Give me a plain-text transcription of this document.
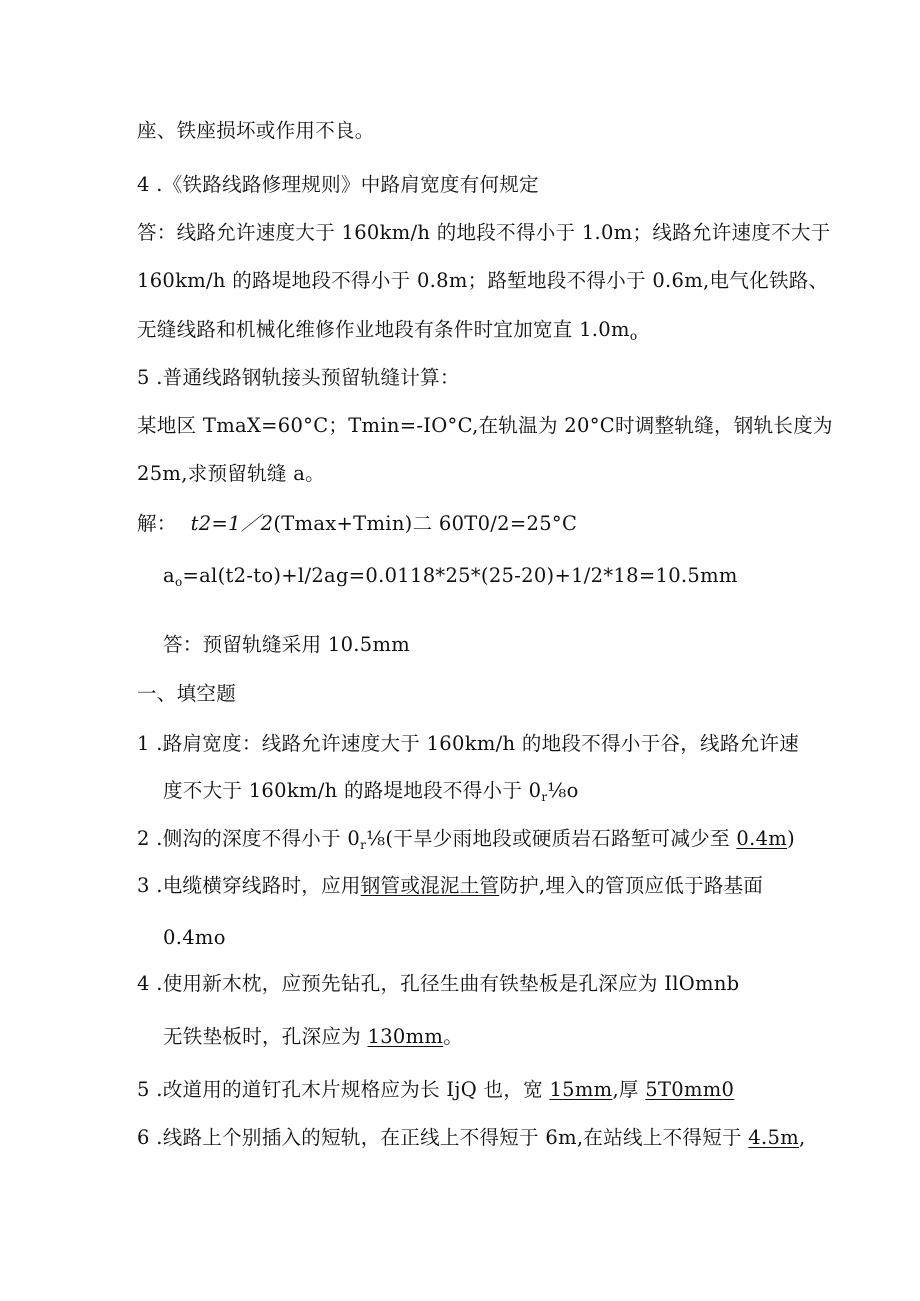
座、铁座损坏或作用不良。
4 .《铁路线路修理规则》中路肩宽度有何规定
答：线路允许速度大于 160km∕h 的地段不得小于 1.0m；线路允许速度不大于
160km∕h 的路堤地段不得小于 0.8m；路堑地段不得小于 0.6m,电气化铁路、
无缝线路和机械化维修作业地段有条件时宜加宽直 $1.0m_o$
5 .普通线路钢轨接头预留轨缝计算：
某地区 TmaX=60°C；Tmin=-IO°C,在轨温为 20°C时调整轨缝，钢轨长度为
25m,求预留轨缝 a。
解： t2=1／2(Tmax+Tmin)二 60T0∕2=25°C
$a_o=al(t2-to)+l∕2ag=0.0118*25*(25-20)+1/2*18=10.5mm$
答：预留轨缝采用 10.5mm
一、填空题
1 .路肩宽度：线路允许速度大于 160km∕h 的地段不得小于谷，线路允许速
度不大于 160km∕h 的路堤地段不得小于 $0_r\frac{1}{8}o$
2 .侧沟的深度不得小于 $0_r\frac{1}{8}$(干旱少雨地段或硬质岩石路堑可减少至 0.4m)
3 .电缆横穿线路时，应用钢管或混泥土管防护,埋入的管顶应低于路基面
0.4mo
4 .使用新木枕，应预先钻孔，孔径生曲有铁垫板是孔深应为 IlOmnb
无铁垫板时，孔深应为 130mm。
5 .改道用的道钉孔木片规格应为长 IjQ 也，宽 15mm,厚 5T0mm0
6 .线路上个别插入的短轨，在正线上不得短于 6m,在站线上不得短于 4.5m,
